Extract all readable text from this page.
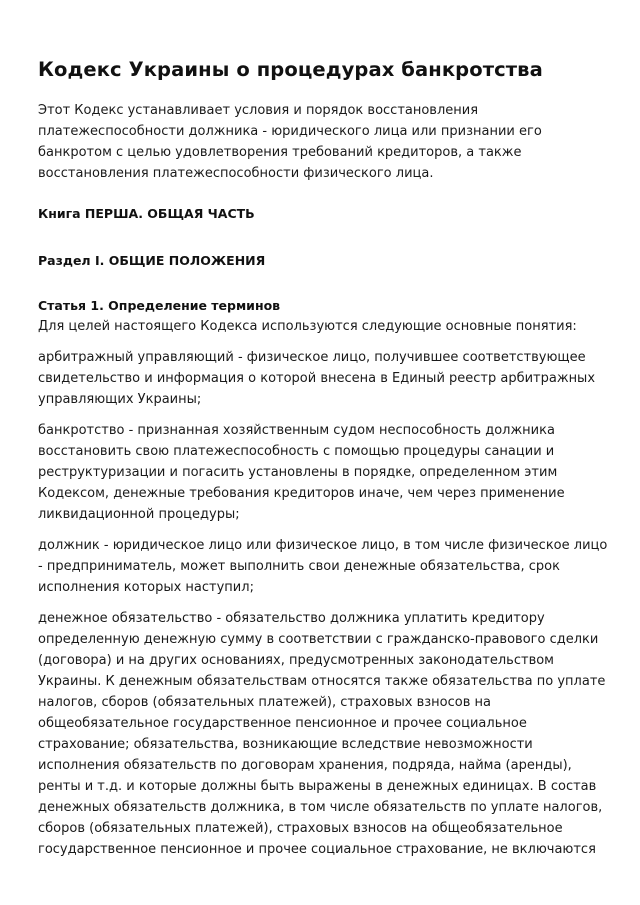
Кодекс Украины о процедурах банкротства

Этот Кодекс устанавливает условия и порядок восстановления платежеспособности должника - юридического лица или признании его банкротом с целью удовлетворения требований кредиторов, а также восстановления платежеспособности физического лица.

Книга ПЕРША. ОБЩАЯ ЧАСТЬ
Раздел I. ОБЩИЕ ПОЛОЖЕНИЯ
Статья 1. Определение терминов

Для целей настоящего Кодекса используются следующие основные понятия:

арбитражный управляющий - физическое лицо, получившее соответствующее свидетельство и информация о которой внесена в Единый реестр арбитражных управляющих Украины;

банкротство - признанная хозяйственным судом неспособность должника восстановить свою платежеспособность с помощью процедуры санации и реструктуризации и погасить установлены в порядке, определенном этим Кодексом, денежные требования кредиторов иначе, чем через применение ликвидационной процедуры;

должник - юридическое лицо или физическое лицо, в том числе физическое лицо - предприниматель, может выполнить свои денежные обязательства, срок исполнения которых наступил;

денежное обязательство - обязательство должника уплатить кредитору определенную денежную сумму в соответствии с гражданско-правового сделки (договора) и на других основаниях, предусмотренных законодательством Украины. К денежным обязательствам относятся также обязательства по уплате налогов, сборов (обязательных платежей), страховых взносов на общеобязательное государственное пенсионное и прочее социальное страхование; обязательства, возникающие вследствие невозможности исполнения обязательств по договорам хранения, подряда, найма (аренды), ренты и т.д. и которые должны быть выражены в денежных единицах. В состав денежных обязательств должника, в том числе обязательств по уплате налогов, сборов (обязательных платежей), страховых взносов на общеобязательное государственное пенсионное и прочее социальное страхование, не включаются
